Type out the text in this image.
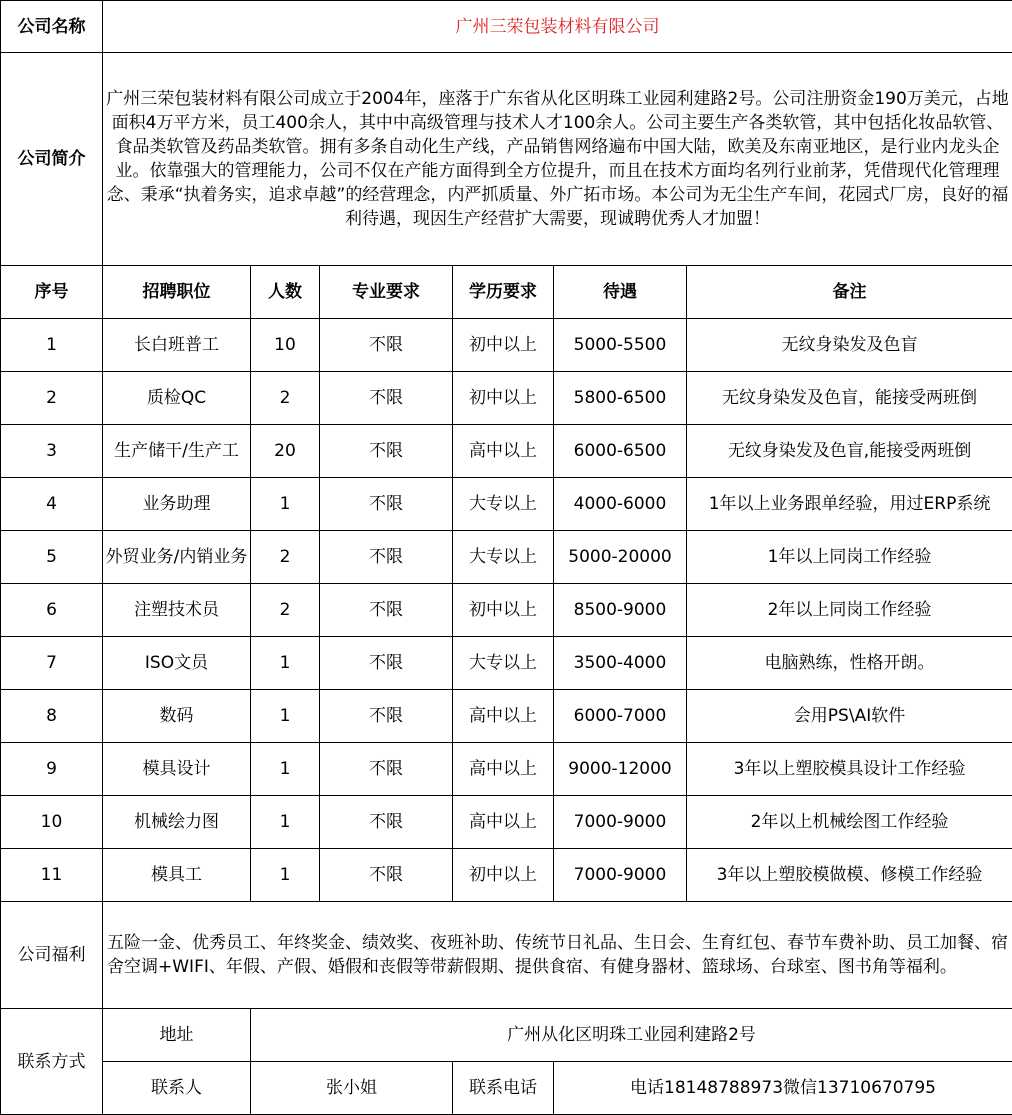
公司名称	广州三荣包装材料有限公司					
公司简介	广州三荣包装材料有限公司成立于2004年，座落于广东省从化区明珠工业园利建路2号。公司注册资金190万美元，占地面积4万平方米，员工400余人，其中中高级管理与技术人才100余人。公司主要生产各类软管，其中包括化妆品软管、食品类软管及药品类软管。拥有多条自动化生产线，产品销售网络遍布中国大陆，欧美及东南亚地区，是行业内龙头企业。依靠强大的管理能力，公司不仅在产能方面得到全方位提升，而且在技术方面均名列行业前茅，凭借现代化管理理念、秉承“执着务实，追求卓越”的经营理念，内严抓质量、外广拓市场。本公司为无尘生产车间，花园式厂房，良好的福利待遇，现因生产经营扩大需要，现诚聘优秀人才加盟！					
序号	招聘职位	人数	专业要求	学历要求	待遇	备注
1	长白班普工	10	不限	初中以上	5000-5500	无纹身染发及色盲
2	质检QC	2	不限	初中以上	5800-6500	无纹身染发及色盲，能接受两班倒
3	生产储干/生产工	20	不限	高中以上	6000-6500	无纹身染发及色盲,能接受两班倒
4	业务助理	1	不限	大专以上	4000-6000	1年以上业务跟单经验，用过ERP系统
5	外贸业务/内销业务	2	不限	大专以上	5000-20000	1年以上同岗工作经验
6	注塑技术员	2	不限	初中以上	8500-9000	2年以上同岗工作经验
7	ISO文员	1	不限	大专以上	3500-4000	电脑熟练，性格开朗。
8	数码	1	不限	高中以上	6000-7000	会用PS\AI软件
9	模具设计	1	不限	高中以上	9000-12000	3年以上塑胶模具设计工作经验
10	机械绘力图	1	不限	高中以上	7000-9000	2年以上机械绘图工作经验
11	模具工	1	不限	初中以上	7000-9000	3年以上塑胶模做模、修模工作经验
公司福利	五险一金、优秀员工、年终奖金、绩效奖、夜班补助、传统节日礼品、生日会、生育红包、春节车费补助、员工加餐、宿舍空调+WIFI、年假、产假、婚假和丧假等带薪假期、提供食宿、有健身器材、篮球场、台球室、图书角等福利。					
联系方式	地址	广州从化区明珠工业园利建路2号				
	联系人	张小姐		联系电话	电话18148788973微信13710670795	
